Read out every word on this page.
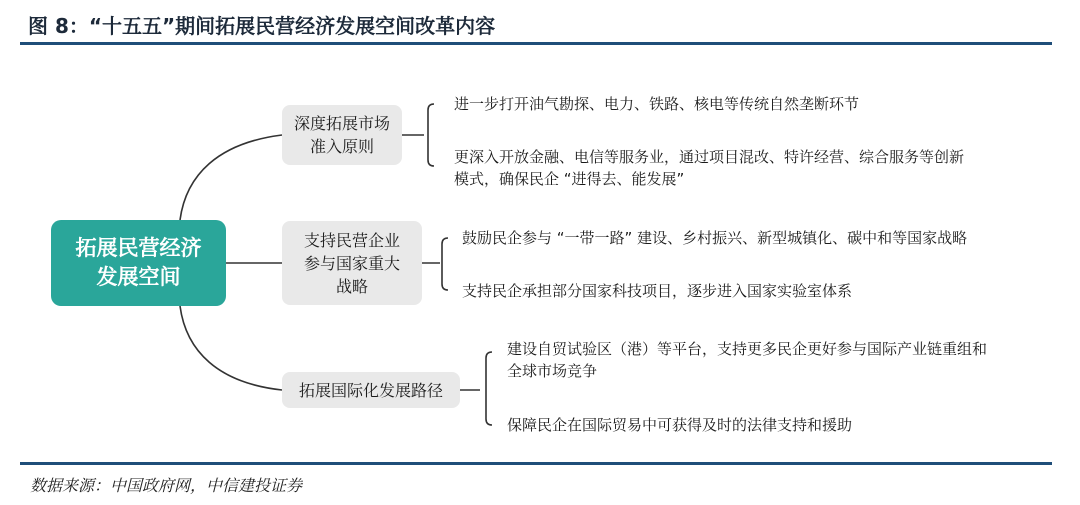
图 8：“十五五”期间拓展民营经济发展空间改革内容
拓展民营经济
发展空间
深度拓展市场
准入原则
支持民营企业
参与国家重大
战略
拓展国际化发展路径
进一步打开油气勘探、电力、铁路、核电等传统自然垄断环节
更深入开放金融、电信等服务业，通过项目混改、特许经营、综合服务等创新
模式，确保民企 “进得去、能发展”
鼓励民企参与 “一带一路” 建设、乡村振兴、新型城镇化、碳中和等国家战略
支持民企承担部分国家科技项目，逐步进入国家实验室体系
建设自贸试验区（港）等平台，支持更多民企更好参与国际产业链重组和
全球市场竞争
保障民企在国际贸易中可获得及时的法律支持和援助
数据来源：中国政府网，中信建投证券
